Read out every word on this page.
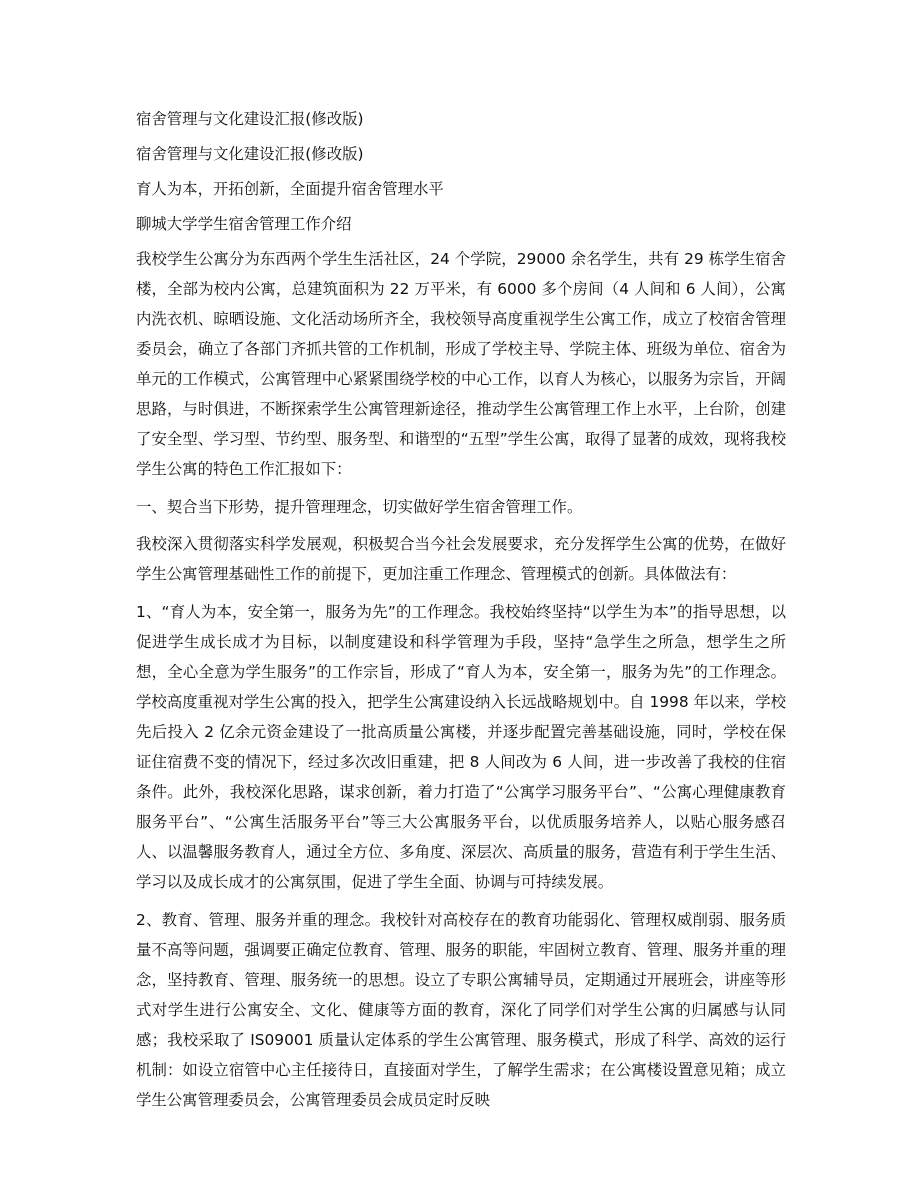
宿舍管理与文化建设汇报(修改版)

宿舍管理与文化建设汇报(修改版)

育人为本，开拓创新，全面提升宿舍管理水平

聊城大学学生宿舍管理工作介绍

我校学生公寓分为东西两个学生生活社区，24 个学院，29000 余名学生，共有 29 栋学生宿舍楼，全部为校内公寓，总建筑面积为 22 万平米，有 6000 多个房间（4 人间和 6 人间），公寓内洗衣机、晾晒设施、文化活动场所齐全，我校领导高度重视学生公寓工作，成立了校宿舍管理委员会，确立了各部门齐抓共管的工作机制，形成了学校主导、学院主体、班级为单位、宿舍为单元的工作模式，公寓管理中心紧紧围绕学校的中心工作，以育人为核心，以服务为宗旨，开阔思路，与时俱进，不断探索学生公寓管理新途径，推动学生公寓管理工作上水平，上台阶，创建了安全型、学习型、节约型、服务型、和谐型的“五型”学生公寓，取得了显著的成效，现将我校学生公寓的特色工作汇报如下：

一、契合当下形势，提升管理理念，切实做好学生宿舍管理工作。

我校深入贯彻落实科学发展观，积极契合当今社会发展要求，充分发挥学生公寓的优势，在做好学生公寓管理基础性工作的前提下，更加注重工作理念、管理模式的创新。具体做法有：

1、“育人为本，安全第一，服务为先”的工作理念。我校始终坚持“以学生为本”的指导思想，以促进学生成长成才为目标，以制度建设和科学管理为手段，坚持“急学生之所急，想学生之所想，全心全意为学生服务”的工作宗旨，形成了“育人为本，安全第一，服务为先”的工作理念。学校高度重视对学生公寓的投入，把学生公寓建设纳入长远战略规划中。自 1998 年以来，学校先后投入 2 亿余元资金建设了一批高质量公寓楼，并逐步配置完善基础设施，同时，学校在保证住宿费不变的情况下，经过多次改旧重建，把 8 人间改为 6 人间，进一步改善了我校的住宿条件。此外，我校深化思路，谋求创新，着力打造了“公寓学习服务平台”、“公寓心理健康教育服务平台”、“公寓生活服务平台”等三大公寓服务平台，以优质服务培养人，以贴心服务感召人、以温馨服务教育人，通过全方位、多角度、深层次、高质量的服务，营造有利于学生生活、学习以及成长成才的公寓氛围，促进了学生全面、协调与可持续发展。

2、教育、管理、服务并重的理念。我校针对高校存在的教育功能弱化、管理权威削弱、服务质量不高等问题，强调要正确定位教育、管理、服务的职能，牢固树立教育、管理、服务并重的理念，坚持教育、管理、服务统一的思想。设立了专职公寓辅导员，定期通过开展班会，讲座等形式对学生进行公寓安全、文化、健康等方面的教育，深化了同学们对学生公寓的归属感与认同感；我校采取了 IS09001 质量认定体系的学生公寓管理、服务模式，形成了科学、高效的运行机制：如设立宿管中心主任接待日，直接面对学生，了解学生需求；在公寓楼设置意见箱；成立学生公寓管理委员会，公寓管理委员会成员定时反映
